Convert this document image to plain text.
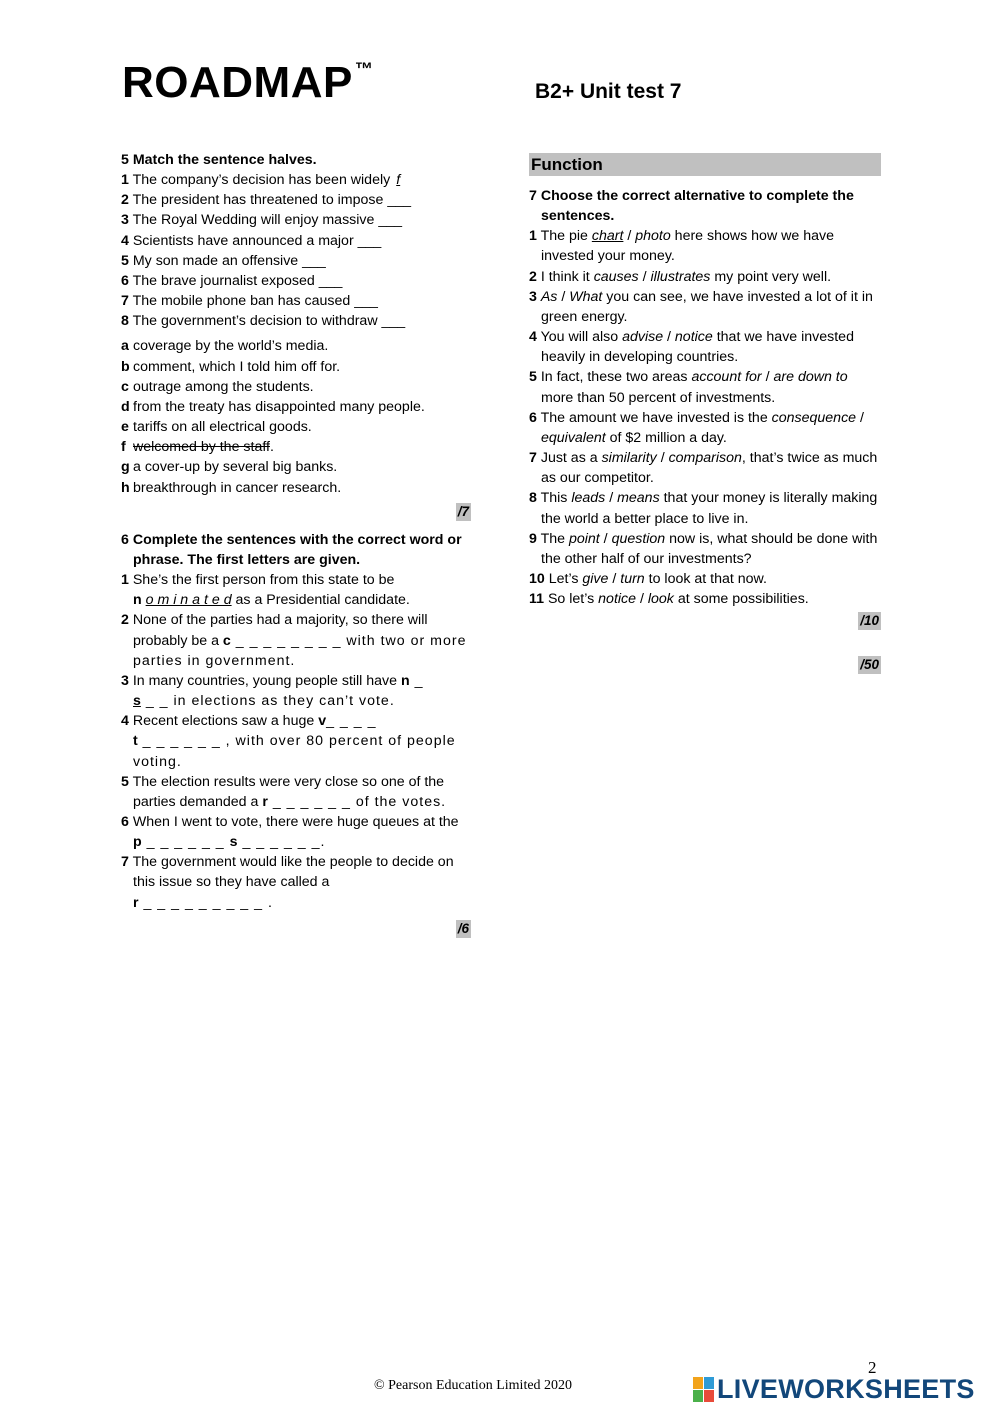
ROADMAP ™
B2+ Unit test 7
5 Match the sentence halves.
1 The company’s decision has been widely f
2 The president has threatened to impose ___
3 The Royal Wedding will enjoy massive ___
4 Scientists have announced a major ___
5 My son made an offensive ___
6 The brave journalist exposed ___
7 The mobile phone ban has caused ___
8 The government’s decision to withdraw ___
a coverage by the world’s media.
b comment, which I told him off for.
c outrage among the students.
d from the treaty has disappointed many people.
e tariffs on all electrical goods.
f welcomed by the staff.
g a cover-up by several big banks.
h breakthrough in cancer research.
/7
6 Complete the sentences with the correct word or phrase. The first letters are given.
1 She’s the first person from this state to be
n o m i n a t e d as a Presidential candidate.
2 None of the parties had a majority, so there will probably be a c _ _ _ _ _ _ _ _ with two or more parties in government.
3 In many countries, young people still have n _
s _ _ in elections as they can’t vote.
4 Recent elections saw a huge v_ _ _ _
t _ _ _ _ _ _ , with over 80 percent of people voting.
5 The election results were very close so one of the parties demanded a r _ _ _ _ _ _ of the votes.
6 When I went to vote, there were huge queues at the p _ _ _ _ _ _ s _ _ _ _ _ _.
7 The government would like the people to decide on this issue so they have called a
r _ _ _ _ _ _ _ _ _ .
/6
Function
7 Choose the correct alternative to complete the sentences.
1 The pie chart / photo here shows how we have invested your money.
2 I think it causes / illustrates my point very well.
3 As / What you can see, we have invested a lot of it in green energy.
4 You will also advise / notice that we have invested heavily in developing countries.
5 In fact, these two areas account for / are down to more than 50 percent of investments.
6 The amount we have invested is the consequence / equivalent of $2 million a day.
7 Just as a similarity / comparison, that’s twice as much as our competitor.
8 This leads / means that your money is literally making the world a better place to live in.
9 The point / question now is, what should be done with the other half of our investments?
10 Let’s give / turn to look at that now.
11 So let’s notice / look at some possibilities.
/10
/50
2
© Pearson Education Limited 2020	LIVEWORKSHEETS
